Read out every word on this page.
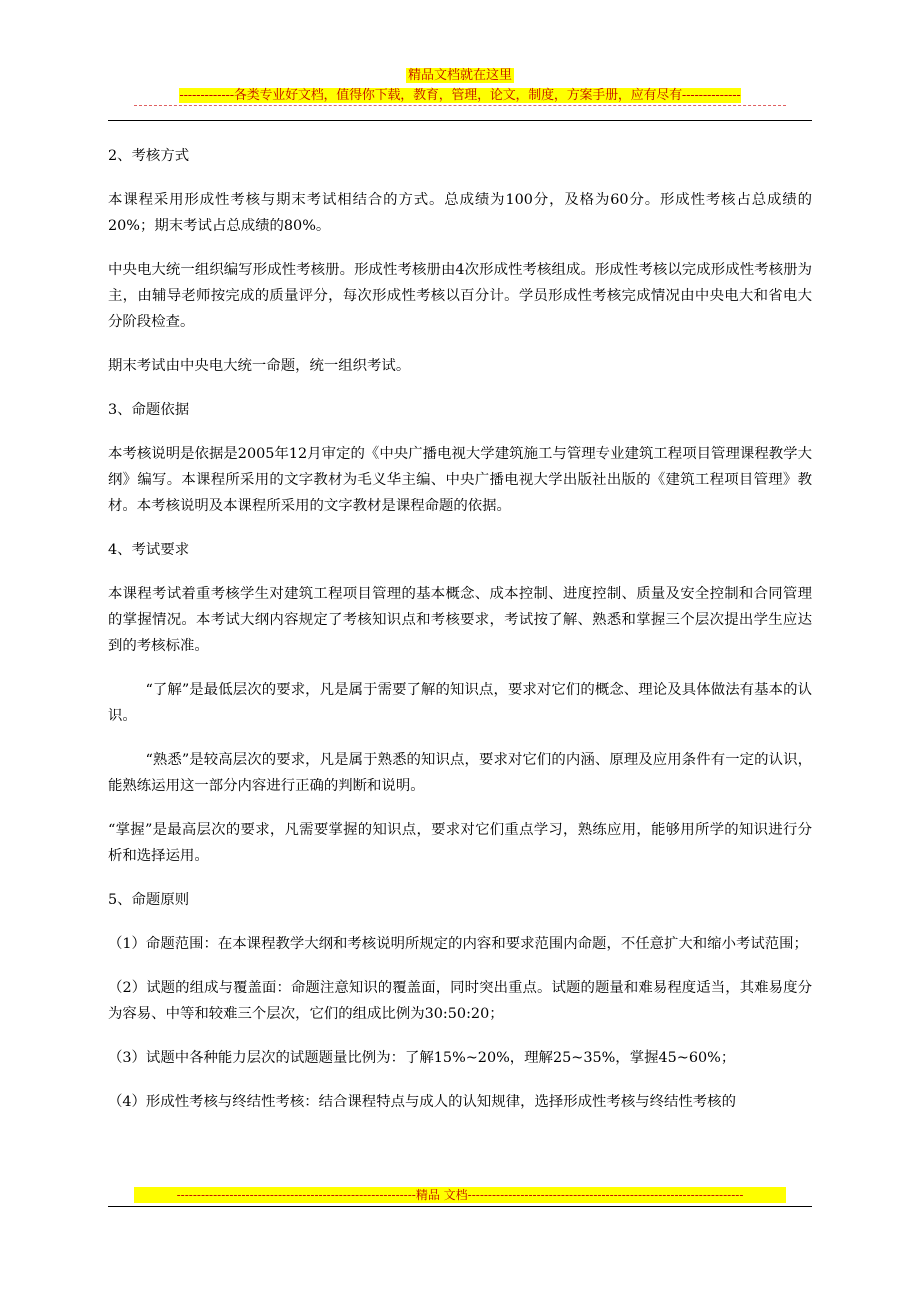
精品文档就在这里
-------------各类专业好文档，值得你下载，教育，管理，论文，制度，方案手册，应有尽有--------------
zixin.com.cn

2、考核方式

本课程采用形成性考核与期末考试相结合的方式。总成绩为100分，及格为60分。形成性考核占总成绩的20%；期末考试占总成绩的80%。

中央电大统一组织编写形成性考核册。形成性考核册由4次形成性考核组成。形成性考核以完成形成性考核册为主，由辅导老师按完成的质量评分，每次形成性考核以百分计。学员形成性考核完成情况由中央电大和省电大分阶段检查。

期末考试由中央电大统一命题，统一组织考试。

3、命题依据

本考核说明是依据是2005年12月审定的《中央广播电视大学建筑施工与管理专业建筑工程项目管理课程教学大纲》编写。本课程所采用的文字教材为毛义华主编、中央广播电视大学出版社出版的《建筑工程项目管理》教材。本考核说明及本课程所采用的文字教材是课程命题的依据。

4、考试要求

本课程考试着重考核学生对建筑工程项目管理的基本概念、成本控制、进度控制、质量及安全控制和合同管理的掌握情况。本考试大纲内容规定了考核知识点和考核要求，考试按了解、熟悉和掌握三个层次提出学生应达到的考核标准。

“了解”是最低层次的要求，凡是属于需要了解的知识点，要求对它们的概念、理论及具体做法有基本的认识。

“熟悉”是较高层次的要求，凡是属于熟悉的知识点，要求对它们的内涵、原理及应用条件有一定的认识，能熟练运用这一部分内容进行正确的判断和说明。

“掌握”是最高层次的要求，凡需要掌握的知识点，要求对它们重点学习，熟练应用，能够用所学的知识进行分析和选择运用。

5、命题原则

（1）命题范围：在本课程教学大纲和考核说明所规定的内容和要求范围内命题，不任意扩大和缩小考试范围；

（2）试题的组成与覆盖面：命题注意知识的覆盖面，同时突出重点。试题的题量和难易程度适当，其难易度分为容易、中等和较难三个层次，它们的组成比例为30:50:20；

（3）试题中各种能力层次的试题题量比例为：了解15%~20%，理解25~35%，掌握45~60%；

（4）形成性考核与终结性考核：结合课程特点与成人的认知规律，选择形成性考核与终结性考核的

-----------------------------------------------------------精品 文档--------------------------------------------------------------------
